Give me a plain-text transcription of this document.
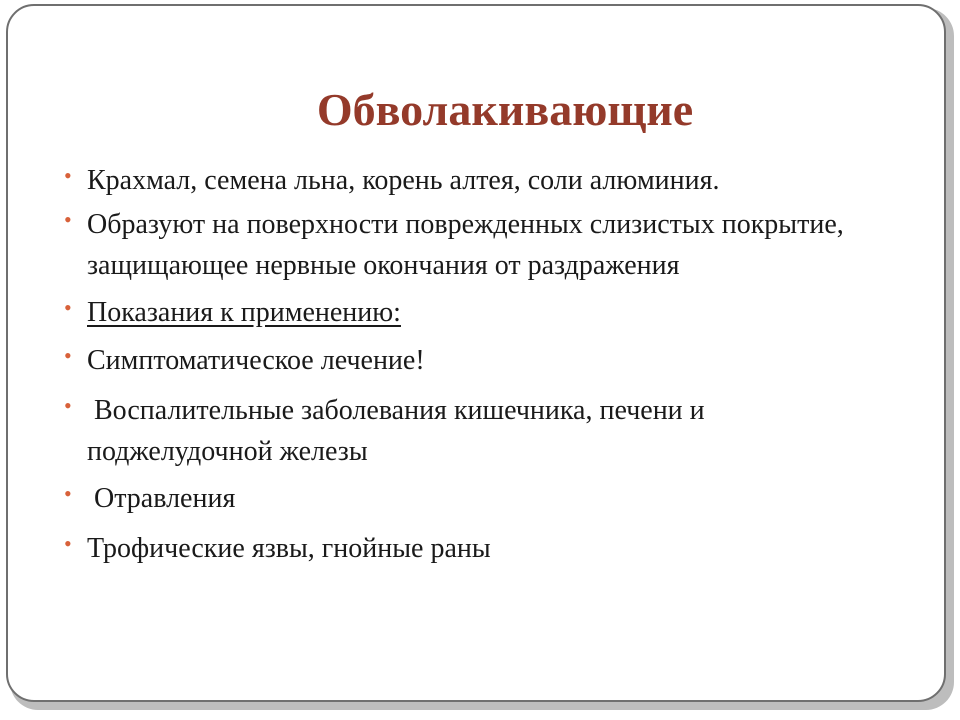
Обволакивающие
• Крахмал, семена льна, корень алтея, соли алюминия.
• Образуют на поверхности поврежденных слизистых покрытие, защищающее нервные окончания от раздражения
• Показания к применению:
• Симптоматическое лечение!
• Воспалительные заболевания кишечника, печени и поджелудочной железы
• Отравления
• Трофические язвы, гнойные раны
